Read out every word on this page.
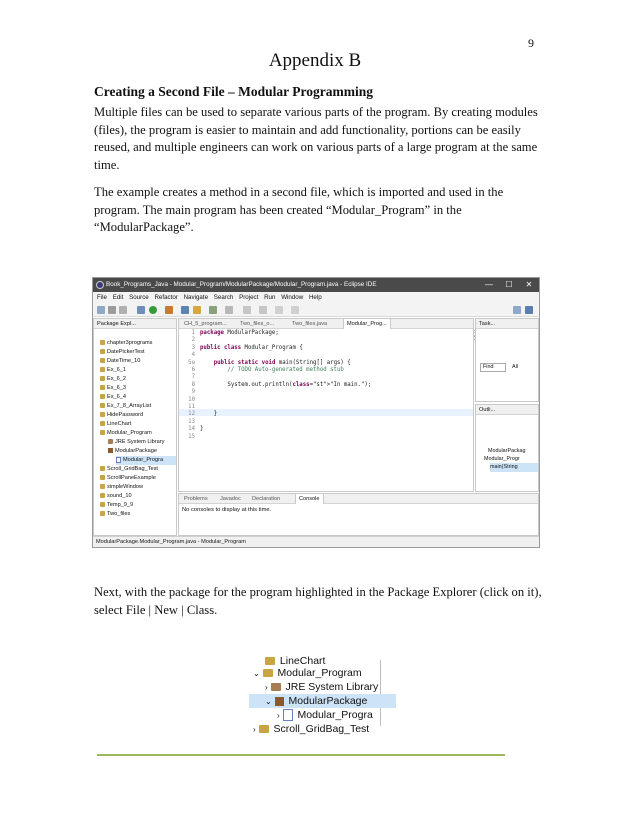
9
Appendix B
Creating a Second File – Modular Programming
Multiple files can be used to separate various parts of the program. By creating modules (files), the program is easier to maintain and add functionality, portions can be easily reused, and multiple engineers can work on various parts of a large program at the same time.
The example creates a method in a second file, which is imported and used in the program. The main program has been created “Modular_Program” in the “ModularPackage”.
Book_Programs_Java - Modular_Program/ModularPackage/Modular_Program.java - Eclipse IDE	—	☐	✕
File Edit Source Refactor Navigate Search Project Run Window Help
Package Expl...
chapter3programs
DatePickerTest
DateTime_10
Ex_6_1
Ex_6_2
Ex_6_3
Ex_6_4
Ex_7_8_ArrayList
HidePassword
LineChart
Modular_Program
JRE System Library
ModularPackage
Modular_Progra
Scroll_GridBag_Test
ScrollPaneExample
simpleWindow
sound_10
Temp_9_9
Two_files
CH_5_program...	Two_files_o...	Two_files.java	Modular_Prog...
1 package ModularPackage;
2
3 public class Modular_Program {
4
5⊖	public static void main(String[] args) {
6 // TODO Auto-generated method stub
7
8 System.out.println(class="st">"In main.");
9
10
11
12 }
13
14 }
15
Task...
Find	All
Outli...
ModularPackag
Modular_Progr
main(String
Problems	Javadoc	Declaration	Console
No consoles to display at this time.
ModularPackage.Modular_Program.java - Modular_Program
Next, with the package for the program highlighted in the Package Explorer (click on it), select File | New | Class.
LineChart
⌄ Modular_Program
› JRE System Library
⌄ ModularPackage
› Modular_Progra
› Scroll_GridBag_Test
